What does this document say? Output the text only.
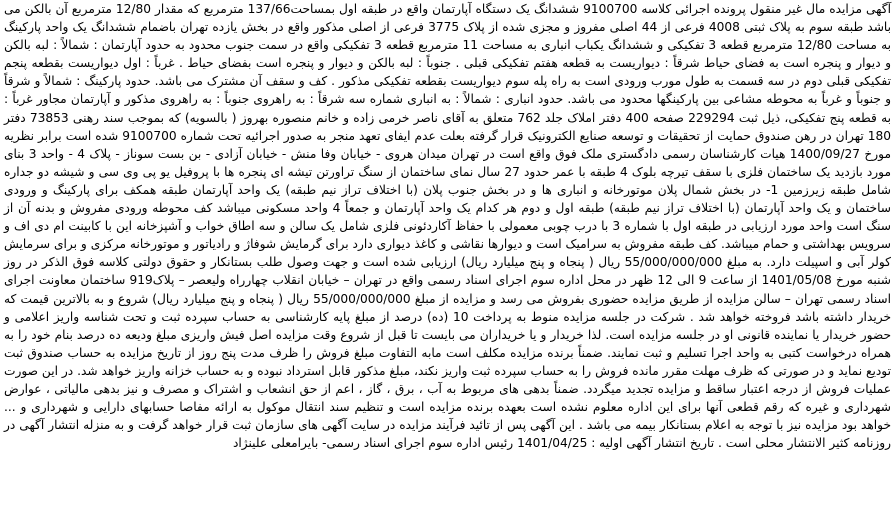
آگهی مزایده مال غیر منقول پرونده اجرائی کلاسه 9100700 ششدانگ یک دستگاه آپارتمان واقع در طبقه اول بمساحت137/66 مترمربع که مقدار 12/80 مترمربع آن بالکن می باشد طبقه سوم به پلاک ثبتی 4008 فرعی از 44 اصلی مفروز و مجزی شده از پلاک 3775 فرعی از اصلی مذکور واقع در بخش یازده تهران باضمام ششدانگ یک واحد پارکینگ به مساحت 12/80 مترمربع قطعه 3 تفکیکی و ششدانگ یکباب انباری به مساحت 11 مترمربع قطعه 3 تفکیکی واقع در سمت جنوب محدود به حدود آپارتمان : شمالاً : لبه بالکن و دیوار و پنجره است به فضای حیاط شرقاً : دیواریست به قطعه هفتم تفکیکی قبلی . جنوباً : لبه بالکن و دیوار و پنجره است بفضای حیاط . غرباً : اول دیواریست بقطعه پنجم تفکیکی قبلی دوم در سه قسمت به طول مورب ورودی است به راه پله سوم دیواریست بقطعه تفکیکی مذکور . کف و سقف آن مشترک می باشد. حدود پارکینگ : شمالاً و شرقاً و جنوباً و غرباً به محوطه مشاعی بین پارکینگها محدود می باشد. حدود انباری : شمالاً : به انباری شماره سه شرقاً : به راهروی جنوباً : به راهروی مذکور و آپارتمان مجاور غرباً : به قطعه پنج تفکیکی، ذیل ثبت 229294 صفحه 400 دفتر املاک جلد 762 متعلق به آقای ناصر خرمی زاده و خانم منصوره بهروز ( بالسویه) که بموجب سند رهنی 73853 دفتر 180 تهران در رهن صندوق حمایت از تحقیقات و توسعه صنایع الکترونیک قرار گرفته بعلت عدم ایفای تعهد منجر به صدور اجرائیه تحت شماره 9100700 شده است برابر نظریه مورخ 1400/09/27 هیات کارشناسان رسمی دادگستری ملک فوق واقع است در تهران میدان هروی - خیابان وفا منش - خیابان آزادی - بن بست سوناز - پلاک 4 - واحد 3 بنای مورد بازدید یک ساختمان فلزی با سقف تیرچه بلوک 4 طبقه با عمر حدود 27 سال نمای ساختمان از سنگ تراورتن تیشه ای پنجره ها با پروفیل یو پی وی سی و شیشه دو جداره شامل طبقه زیرزمین 1- در بخش شمال پلان موتورخانه و انباری ها و در بخش جنوب پلان (با اختلاف تراز نیم طبقه) یک واحد آپارتمان طبقه همکف برای پارکینگ و ورودی ساختمان و یک واحد آپارتمان (با اختلاف تراز نیم طبقه) طبقه اول و دوم هر کدام یک واحد آپارتمان و جمعاً 4 واحد مسکونی میباشد کف محوطه ورودی مفروش و بدنه آن از سنگ است واحد مورد ارزیابی در طبقه اول با شماره 3 با درب چوبی معمولی با حفاظ آکاردئونی فلزی شامل یک سالن و سه اطاق خواب و آشپزخانه این با کابینت ام دی اف و سرویس بهداشتی و حمام میباشد. کف طبقه مفروش به سرامیک است و دیوارها نقاشی و کاغذ دیواری دارد برای گرمایش شوفاژ و رادیاتور و موتورخانه مرکزی و برای سرمایش کولر آبی و اسپیلت دارد. به مبلغ 55/000/000/000 ریال ( پنجاه و پنج میلیارد ریال) ارزیابی شده است و جهت وصول طلب بستانکار و حقوق دولتی کلاسه فوق الذکر در روز شنبه مورخ 1401/05/08 از ساعت 9 الی 12 ظهر در محل اداره سوم اجرای اسناد رسمی واقع در تهران – خیابان انقلاب چهارراه ولیعصر – پلاک919 ساختمان معاونت اجرای اسناد رسمی تهران – سالن مزایده از طریق مزایده حضوری بفروش می رسد و مزایده از مبلغ 55/000/000/000 ریال ( پنجاه و پنج میلیارد ریال) شروع و به بالاترین قیمت که خریدار داشته باشد فروخته خواهد شد . شرکت در جلسه مزایده منوط به پرداخت 10 (ده) درصد از مبلغ پایه کارشناسی به حساب سپرده ثبت و تحت شناسه واریز اعلامی و حضور خریدار یا نماینده قانونی او در جلسه مزایده است. لذا خریدار و یا خریداران می بایست تا قبل از شروع وقت مزایده اصل فیش واریزی مبلغ ودیعه ده درصد بنام خود را به همراه درخواست کتبی به واحد اجرا تسلیم و ثبت نمایند. ضمناً برنده مزایده مکلف است مابه التفاوت مبلغ فروش را ظرف مدت پنج روز از تاریخ مزایده به حساب صندوق ثبت تودیع نماید و در صورتی که ظرف مهلت مقرر مانده فروش را به حساب سپرده ثبت واریز نکند، مبلغ مذکور قابل استرداد نبوده و به حساب خزانه واریز خواهد شد. در این صورت عملیات فروش از درجه اعتبار ساقط و مزایده تجدید میگردد. ضمناً بدهی های مربوط به آب ، برق ، گاز ، اعم از حق انشعاب و اشتراک و مصرف و نیز بدهی مالیاتی ، عوارض شهرداری و غیره که رقم قطعی آنها برای این اداره معلوم نشده است بعهده برنده مزایده است و تنظیم سند انتقال موکول به ارائه مفاصا حسابهای دارایی و شهرداری و ... خواهد بود مزایده نیز با توجه به اعلام بستانکار بیمه می باشد . این آگهی پس از تائید فرآیند مزایده در سایت آگهی های سازمان ثبت قرار خواهد گرفت و به منزله انتشار آگهی در روزنامه کثیر الانتشار محلی است . تاریخ انتشار آگهی اولیه : 1401/04/25 رئیس اداره سوم اجرای اسناد رسمی- بایرامعلی علینژاد
